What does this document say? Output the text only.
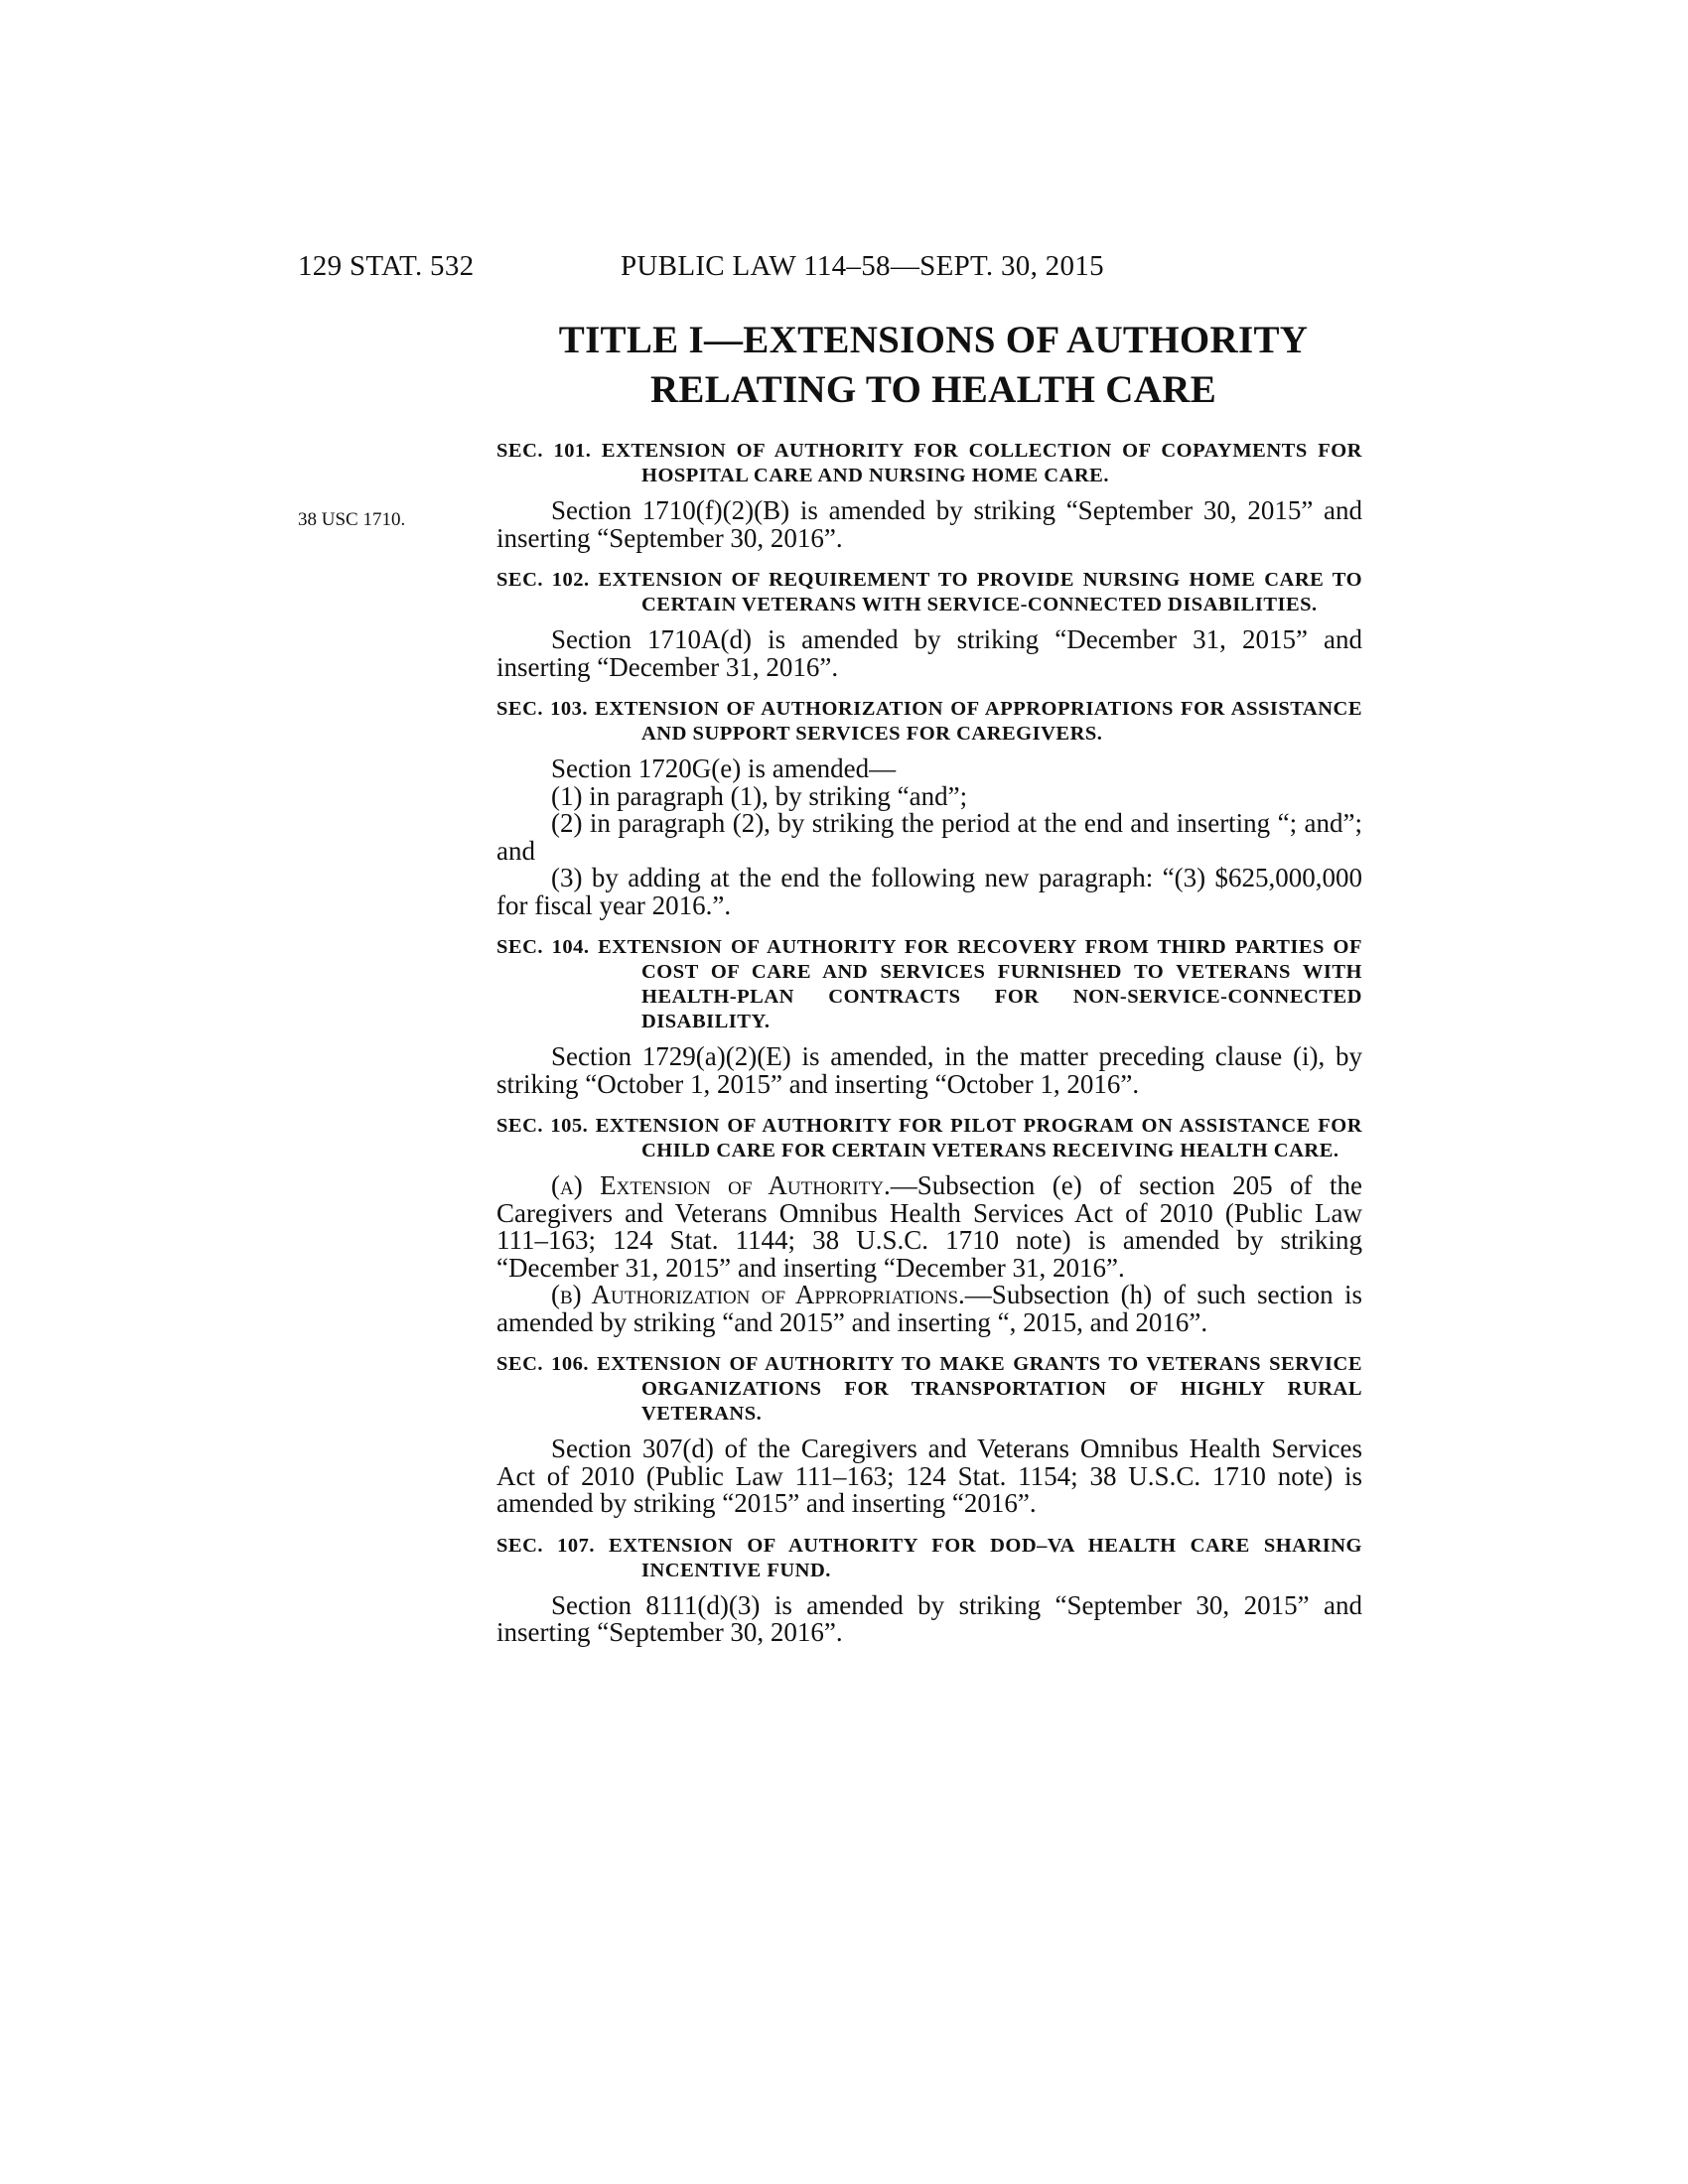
129 STAT. 532	PUBLIC LAW 114–58—SEPT. 30, 2015
TITLE I—EXTENSIONS OF AUTHORITY
RELATING TO HEALTH CARE
38 USC 1710.
SEC. 101. EXTENSION OF AUTHORITY FOR COLLECTION OF COPAYMENTS FOR HOSPITAL CARE AND NURSING HOME CARE.

Section 1710(f)(2)(B) is amended by striking “September 30, 2015” and inserting “September 30, 2016”.

SEC. 102. EXTENSION OF REQUIREMENT TO PROVIDE NURSING HOME CARE TO CERTAIN VETERANS WITH SERVICE-CONNECTED DISABILITIES.

Section 1710A(d) is amended by striking “December 31, 2015” and inserting “December 31, 2016”.

SEC. 103. EXTENSION OF AUTHORIZATION OF APPROPRIATIONS FOR ASSISTANCE AND SUPPORT SERVICES FOR CAREGIVERS.

Section 1720G(e) is amended—

(1) in paragraph (1), by striking “and”;

(2) in paragraph (2), by striking the period at the end and inserting “; and”; and

(3) by adding at the end the following new paragraph: “(3) $625,000,000 for fiscal year 2016.”.

SEC. 104. EXTENSION OF AUTHORITY FOR RECOVERY FROM THIRD PARTIES OF COST OF CARE AND SERVICES FURNISHED TO VETERANS WITH HEALTH-PLAN CONTRACTS FOR NON-SERVICE-CONNECTED DISABILITY.

Section 1729(a)(2)(E) is amended, in the matter preceding clause (i), by striking “October 1, 2015” and inserting “October 1, 2016”.

SEC. 105. EXTENSION OF AUTHORITY FOR PILOT PROGRAM ON ASSISTANCE FOR CHILD CARE FOR CERTAIN VETERANS RECEIVING HEALTH CARE.

(a) Extension of Authority.—Subsection (e) of section 205 of the Caregivers and Veterans Omnibus Health Services Act of 2010 (Public Law 111–163; 124 Stat. 1144; 38 U.S.C. 1710 note) is amended by striking “December 31, 2015” and inserting “December 31, 2016”.

(b) Authorization of Appropriations.—Subsection (h) of such section is amended by striking “and 2015” and inserting “, 2015, and 2016”.

SEC. 106. EXTENSION OF AUTHORITY TO MAKE GRANTS TO VETERANS SERVICE ORGANIZATIONS FOR TRANSPORTATION OF HIGHLY RURAL VETERANS.

Section 307(d) of the Caregivers and Veterans Omnibus Health Services Act of 2010 (Public Law 111–163; 124 Stat. 1154; 38 U.S.C. 1710 note) is amended by striking “2015” and inserting “2016”.

SEC. 107. EXTENSION OF AUTHORITY FOR DOD–VA HEALTH CARE SHARING INCENTIVE FUND.

Section 8111(d)(3) is amended by striking “September 30, 2015” and inserting “September 30, 2016”.
